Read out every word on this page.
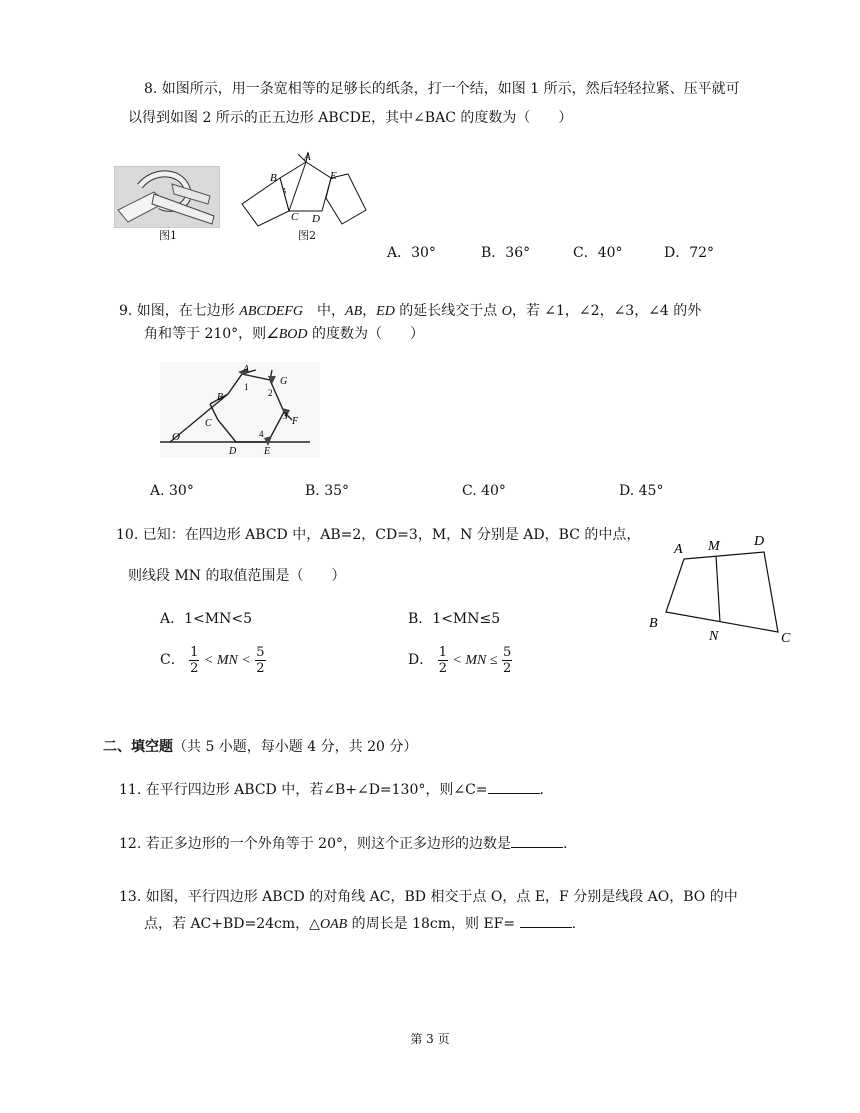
8. 如图所示，用一条宽相等的足够长的纸条，打一个结，如图 1 所示，然后轻轻拉紧、压平就可
以得到如图 2 所示的正五边形 ABCDE，其中∠BAC 的度数为（　　）
图1
A
B
C D
E
图2
A．30°	B．36°	C．40°	D．72°
9. 如图，在七边形 ABCDEFG　 中，AB，ED 的延长线交于点 O，若 ∠1，∠2，∠3，∠4 的外
角和等于 210°，则∠BOD 的度数为（　　）
O
A
B
C
D	E
F
G
1
2
3
4
A. 30°	B. 35°	C. 40°	D. 45°
10. 已知：在四边形 ABCD 中，AB=2，CD=3，M，N 分别是 AD，BC 的中点，
则线段 MN 的取值范围是（　　）
A．1<MN<5	B．1<MN≤5
C． $\frac{1}{2}$ < MN < $\frac{5}{2}$	D． $\frac{1}{2}$ < MN ≤ $\frac{5}{2}$
A M D
B
N	C
二、填空题（共 5 小题，每小题 4 分，共 20 分）
11. 在平行四边形 ABCD 中，若∠B+∠D=130°，则∠C=	.
12. 若正多边形的一个外角等于 20°，则这个正多边形的边数是	.
13. 如图，平行四边形 ABCD 的对角线 AC，BD 相交于点 O，点 E，F 分别是线段 AO，BO 的中
点，若 AC+BD=24cm，△OAB 的周长是 18cm，则 EF=	.
第 3 页
